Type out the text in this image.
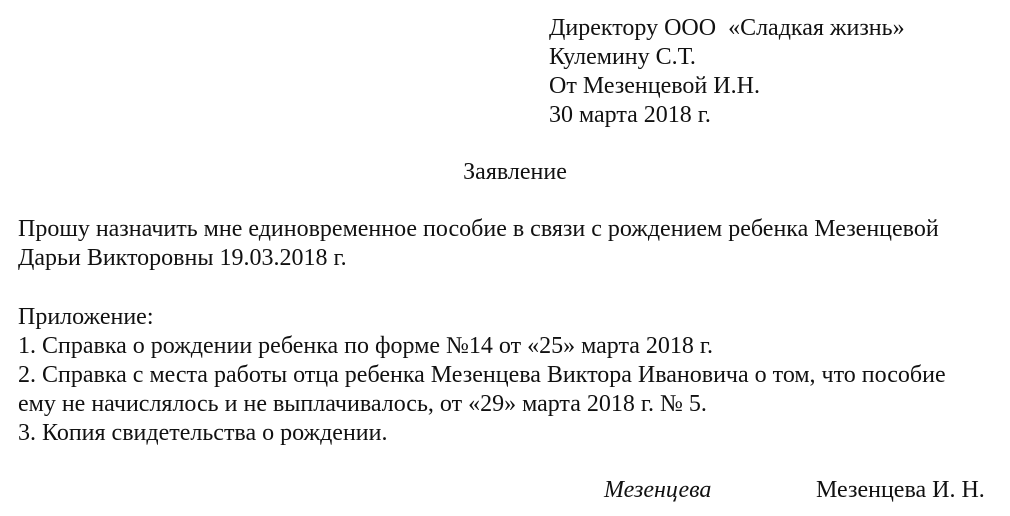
Директору ООО  «Сладкая жизнь»
Кулемину С.Т.
От Мезенцевой И.Н.
30 марта 2018 г.
Заявление
Прошу назначить мне единовременное пособие в связи с рождением ребенка Мезенцевой
Дарьи Викторовны 19.03.2018 г.
Приложение:
1. Справка о рождении ребенка по форме №14 от «25» марта 2018 г.
2. Справка с места работы отца ребенка Мезенцева Виктора Ивановича о том, что пособие
ему не начислялось и не выплачивалось, от «29» марта 2018 г. № 5.
3. Копия свидетельства о рождении.
Мезенцева	Мезенцева И. Н.
